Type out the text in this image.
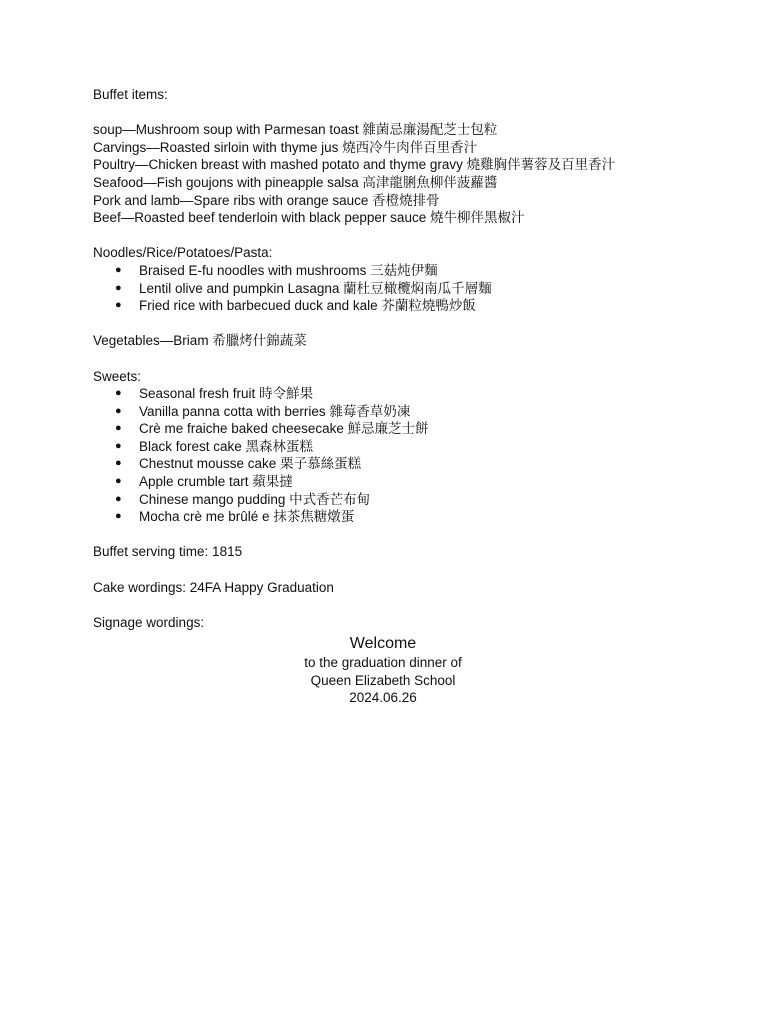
Buffet items:
soup—Mushroom soup with Parmesan toast 雜菌忌廉湯配芝士包粒
Carvings—Roasted sirloin with thyme jus 燒西冷牛肉伴百里香汁
Poultry—Chicken breast with mashed potato and thyme gravy 燒雞胸伴薯蓉及百里香汁
Seafood—Fish goujons with pineapple salsa 高津龍脷魚柳伴菠蘿醬
Pork and lamb—Spare ribs with orange sauce 香橙燒排骨
Beef—Roasted beef tenderloin with black pepper sauce 燒牛柳伴黑椒汁
Noodles/Rice/Potatoes/Pasta:
● Braised E-fu noodles with mushrooms 三菇炖伊麵
● Lentil olive and pumpkin Lasagna 蘭杜豆橄欖焖南瓜千層麵
● Fried rice with barbecued duck and kale 芥蘭粒燒鴨炒飯
Vegetables—Briam 希臘烤什錦蔬菜
Sweets:
● Seasonal fresh fruit 時令鮮果
● Vanilla panna cotta with berries 雜莓香草奶凍
● Crè me fraiche baked cheesecake 鮮忌廉芝士餅
● Black forest cake 黑森林蛋糕
● Chestnut mousse cake 栗子慕絲蛋糕
● Apple crumble tart 蘋果撻
● Chinese mango pudding 中式香芒布甸
● Mocha crè me brûlé e 抹茶焦糖燉蛋
Buffet serving time: 1815
Cake wordings: 24FA Happy Graduation
Signage wordings:
Welcome
to the graduation dinner of
Queen Elizabeth School
2024.06.26
